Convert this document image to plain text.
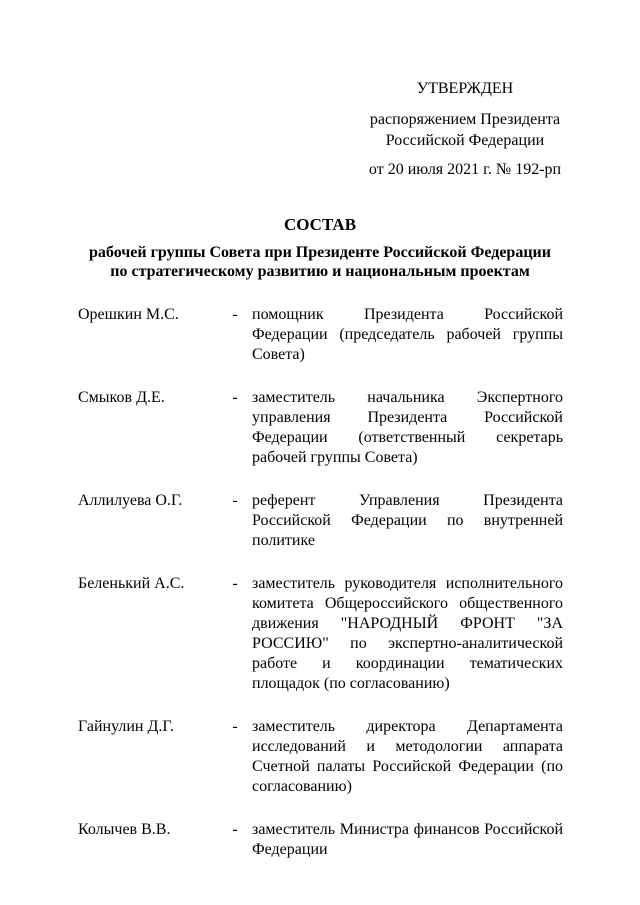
УТВЕРЖДЕН
распоряжением Президента
Российской Федерации
от 20 июля 2021 г. № 192-рп
СОСТАВ
рабочей группы Совета при Президенте Российской Федерации
по стратегическому развитию и национальным проектам
Орешкин М.С.	- помощник Президента Российской Федерации (председатель рабочей группы Совета)
Смыков Д.Е.	- заместитель начальника Экспертного управления Президента Российской Федерации (ответственный секретарь рабочей группы Совета)
Аллилуева О.Г.	- референт Управления Президента Российской Федерации по внутренней политике
Беленький А.С.	- заместитель руководителя исполнительного комитета Общероссийского общественного движения "НАРОДНЫЙ ФРОНТ "ЗА РОССИЮ" по экспертно-аналитической работе и координации тематических площадок (по согласованию)
Гайнулин Д.Г.	- заместитель директора Департамента исследований и методологии аппарата Счетной палаты Российской Федерации (по согласованию)
Колычев В.В.	- заместитель Министра финансов Российской Федерации
